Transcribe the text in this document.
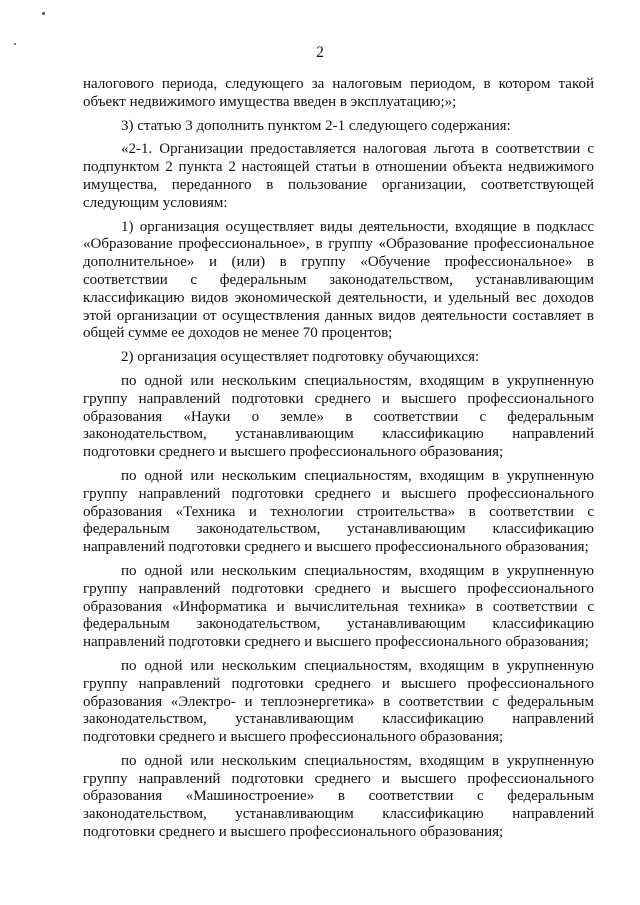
2

налогового периода, следующего за налоговым периодом, в котором такой объект недвижимого имущества введен в эксплуатацию;»;

3) статью 3 дополнить пунктом 2-1 следующего содержания:

«2-1. Организации предоставляется налоговая льгота в соответствии с подпунктом 2 пункта 2 настоящей статьи в отношении объекта недвижимого имущества, переданного в пользование организации, соответствующей следующим условиям:

1) организация осуществляет виды деятельности, входящие в подкласс «Образование профессиональное», в группу «Образование профессиональное дополнительное» и (или) в группу «Обучение профессиональное» в соответствии с федеральным законодательством, устанавливающим классификацию видов экономической деятельности, и удельный вес доходов этой организации от осуществления данных видов деятельности составляет в общей сумме ее доходов не менее 70 процентов;

2) организация осуществляет подготовку обучающихся:

по одной или нескольким специальностям, входящим в укрупненную группу направлений подготовки среднего и высшего профессионального образования «Науки о земле» в соответствии с федеральным законодательством, устанавливающим классификацию направлений подготовки среднего и высшего профессионального образования;

по одной или нескольким специальностям, входящим в укрупненную группу направлений подготовки среднего и высшего профессионального образования «Техника и технологии строительства» в соответствии с федеральным законодательством, устанавливающим классификацию направлений подготовки среднего и высшего профессионального образования;

по одной или нескольким специальностям, входящим в укрупненную группу направлений подготовки среднего и высшего профессионального образования «Информатика и вычислительная техника» в соответствии с федеральным законодательством, устанавливающим классификацию направлений подготовки среднего и высшего профессионального образования;

по одной или нескольким специальностям, входящим в укрупненную группу направлений подготовки среднего и высшего профессионального образования «Электро- и теплоэнергетика» в соответствии с федеральным законодательством, устанавливающим классификацию направлений подготовки среднего и высшего профессионального образования;

по одной или нескольким специальностям, входящим в укрупненную группу направлений подготовки среднего и высшего профессионального образования «Машиностроение» в соответствии с федеральным законодательством, устанавливающим классификацию направлений подготовки среднего и высшего профессионального образования;
